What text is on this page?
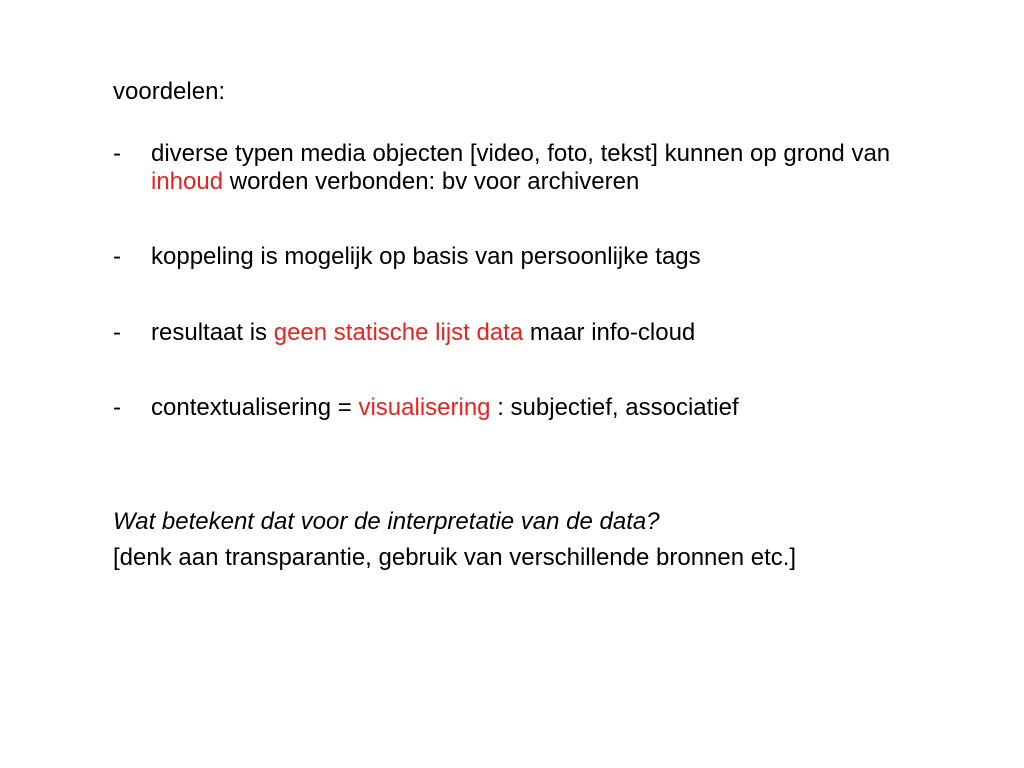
voordelen:
- diverse typen media objecten [video, foto, tekst] kunnen op grond van inhoud worden verbonden: bv voor archiveren
- koppeling is mogelijk op basis van persoonlijke tags
- resultaat is geen statische lijst data maar info-cloud
- contextualisering = visualisering : subjectief, associatief
Wat betekent dat voor de interpretatie van de data?
[denk aan transparantie, gebruik van verschillende bronnen etc.]
